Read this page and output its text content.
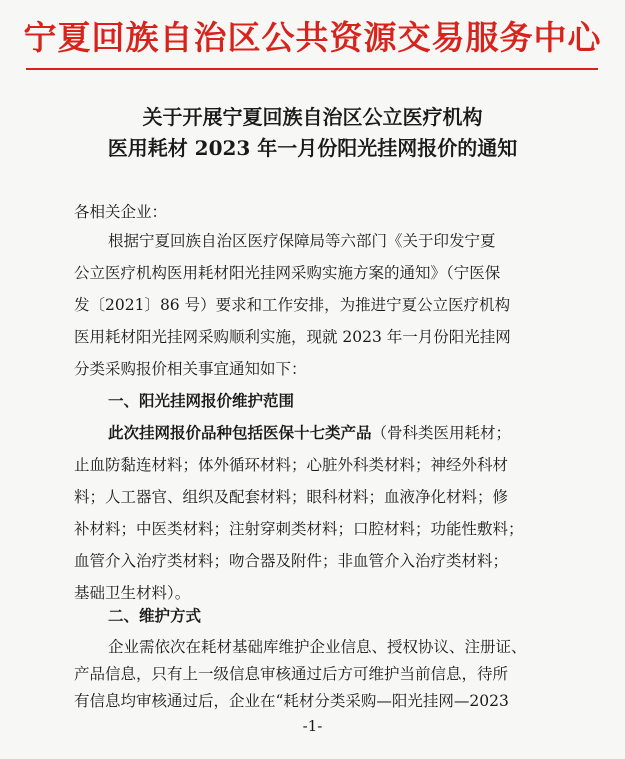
宁夏回族自治区公共资源交易服务中心
关于开展宁夏回族自治区公立医疗机构
医用耗材 2023 年一月份阳光挂网报价的通知
各相关企业：
根据宁夏回族自治区医疗保障局等六部门《关于印发宁夏
公立医疗机构医用耗材阳光挂网采购实施方案的通知》（宁医保
发〔2021〕86 号）要求和工作安排，为推进宁夏公立医疗机构
医用耗材阳光挂网采购顺利实施，现就 2023 年一月份阳光挂网
分类采购报价相关事宜通知如下：
一、阳光挂网报价维护范围
此次挂网报价品种包括医保十七类产品（骨科类医用耗材；
止血防黏连材料；体外循环材料；心脏外科类材料；神经外科材
料；人工器官、组织及配套材料；眼科材料；血液净化材料；修
补材料；中医类材料；注射穿刺类材料；口腔材料；功能性敷料；
血管介入治疗类材料；吻合器及附件；非血管介入治疗类材料；
基础卫生材料）。
二、维护方式
企业需依次在耗材基础库维护企业信息、授权协议、注册证、
产品信息，只有上一级信息审核通过后方可维护当前信息，待所
有信息均审核通过后，企业在“耗材分类采购—阳光挂网—2023
-1-
